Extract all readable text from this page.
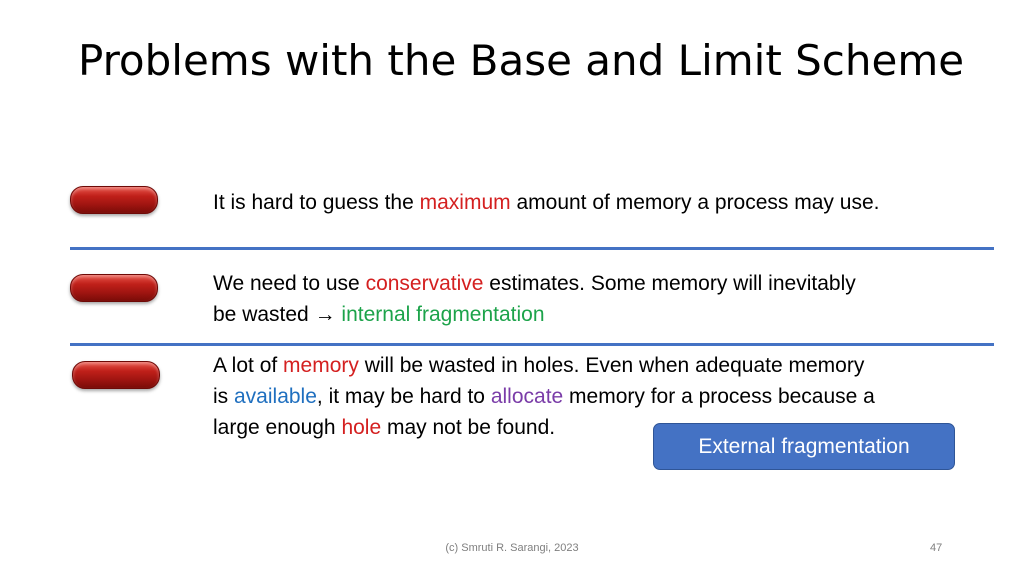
Problems with the Base and Limit Scheme
It is hard to guess the maximum amount of memory a process may use.
We need to use conservative estimates. Some memory will inevitably
be wasted → internal fragmentation
A lot of memory will be wasted in holes. Even when adequate memory
is available, it may be hard to allocate memory for a process because a
large enough hole may not be found.
External fragmentation
(c) Smruti R. Sarangi, 2023	47
